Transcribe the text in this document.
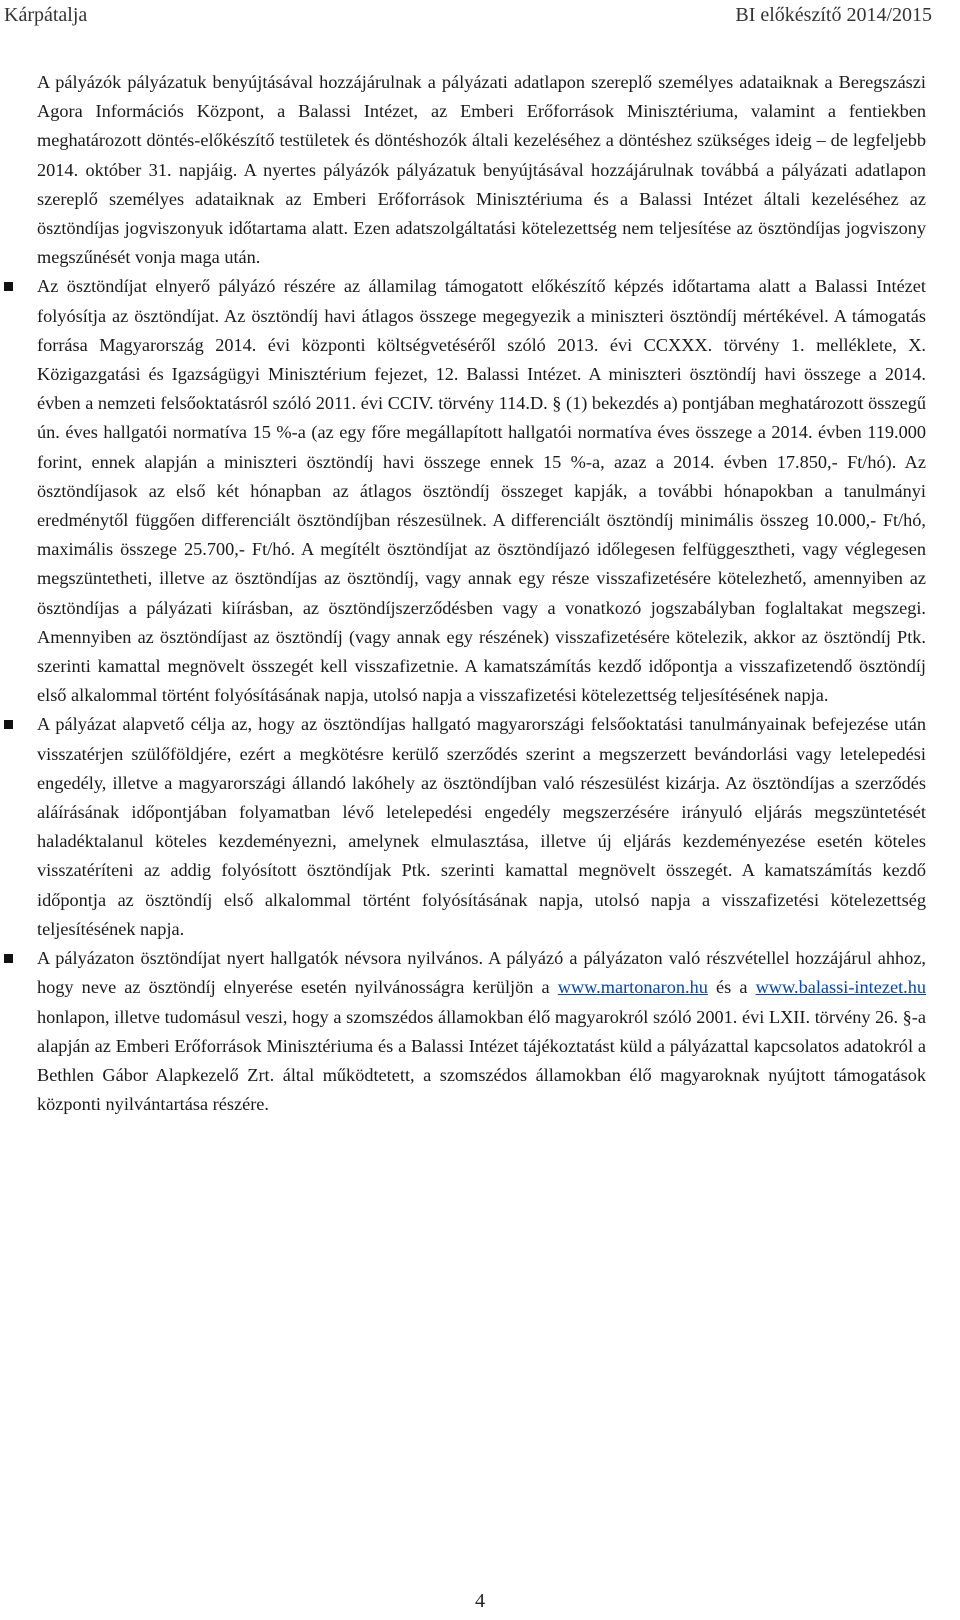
Kárpátalja	BI előkészítő 2014/2015

A pályázók pályázatuk benyújtásával hozzájárulnak a pályázati adatlapon szereplő személyes adataiknak a Beregszászi Agora Információs Központ, a Balassi Intézet, az Emberi Erőforrások Minisztériuma, valamint a fentiekben meghatározott döntés-előkészítő testületek és döntéshozók általi kezeléséhez a döntéshez szükséges ideig – de legfeljebb 2014. október 31. napjáig. A nyertes pályázók pályázatuk benyújtásával hozzájárulnak továbbá a pályázati adatlapon szereplő személyes adataiknak az Emberi Erőforrások Minisztériuma és a Balassi Intézet általi kezeléséhez az ösztöndíjas jogviszonyuk időtartama alatt. Ezen adatszolgáltatási kötelezettség nem teljesítése az ösztöndíjas jogviszony megszűnését vonja maga után.

Az ösztöndíjat elnyerő pályázó részére az államilag támogatott előkészítő képzés időtartama alatt a Balassi Intézet folyósítja az ösztöndíjat. Az ösztöndíj havi átlagos összege megegyezik a miniszteri ösztöndíj mértékével. A támogatás forrása Magyarország 2014. évi központi költségvetéséről szóló 2013. évi CCXXX. törvény 1. melléklete, X. Közigazgatási és Igazságügyi Minisztérium fejezet, 12. Balassi Intézet. A miniszteri ösztöndíj havi összege a 2014. évben a nemzeti felsőoktatásról szóló 2011. évi CCIV. törvény 114.D. § (1) bekezdés a) pontjában meghatározott összegű ún. éves hallgatói normatíva 15 %-a (az egy főre megállapított hallgatói normatíva éves összege a 2014. évben 119.000 forint, ennek alapján a miniszteri ösztöndíj havi összege ennek 15 %-a, azaz a 2014. évben 17.850,- Ft/hó). Az ösztöndíjasok az első két hónapban az átlagos ösztöndíj összeget kapják, a további hónapokban a tanulmányi eredménytől függően differenciált ösztöndíjban részesülnek. A differenciált ösztöndíj minimális összeg 10.000,- Ft/hó, maximális összege 25.700,- Ft/hó. A megítélt ösztöndíjat az ösztöndíjazó időlegesen felfüggesztheti, vagy véglegesen megszüntetheti, illetve az ösztöndíjas az ösztöndíj, vagy annak egy része visszafizetésére kötelezhető, amennyiben az ösztöndíjas a pályázati kiírásban, az ösztöndíjszerződésben vagy a vonatkozó jogszabályban foglaltakat megszegi. Amennyiben az ösztöndíjast az ösztöndíj (vagy annak egy részének) visszafizetésére kötelezik, akkor az ösztöndíj Ptk. szerinti kamattal megnövelt összegét kell visszafizetnie. A kamatszámítás kezdő időpontja a visszafizetendő ösztöndíj első alkalommal történt folyósításának napja, utolsó napja a visszafizetési kötelezettség teljesítésének napja.

A pályázat alapvető célja az, hogy az ösztöndíjas hallgató magyarországi felsőoktatási tanulmányainak befejezése után visszatérjen szülőföldjére, ezért a megkötésre kerülő szerződés szerint a megszerzett bevándorlási vagy letelepedési engedély, illetve a magyarországi állandó lakóhely az ösztöndíjban való részesülést kizárja. Az ösztöndíjas a szerződés aláírásának időpontjában folyamatban lévő letelepedési engedély megszerzésére irányuló eljárás megszüntetését haladéktalanul köteles kezdeményezni, amelynek elmulasztása, illetve új eljárás kezdeményezése esetén köteles visszatéríteni az addig folyósított ösztöndíjak Ptk. szerinti kamattal megnövelt összegét. A kamatszámítás kezdő időpontja az ösztöndíj első alkalommal történt folyósításának napja, utolsó napja a visszafizetési kötelezettség teljesítésének napja.

A pályázaton ösztöndíjat nyert hallgatók névsora nyilvános. A pályázó a pályázaton való részvétellel hozzájárul ahhoz, hogy neve az ösztöndíj elnyerése esetén nyilvánosságra kerüljön a www.martonaron.hu és a www.balassi-intezet.hu honlapon, illetve tudomásul veszi, hogy a szomszédos államokban élő magyarokról szóló 2001. évi LXII. törvény 26. §-a alapján az Emberi Erőforrások Minisztériuma és a Balassi Intézet tájékoztatást küld a pályázattal kapcsolatos adatokról a Bethlen Gábor Alapkezelő Zrt. által működtetett, a szomszédos államokban élő magyaroknak nyújtott támogatások központi nyilvántartása részére.

4
